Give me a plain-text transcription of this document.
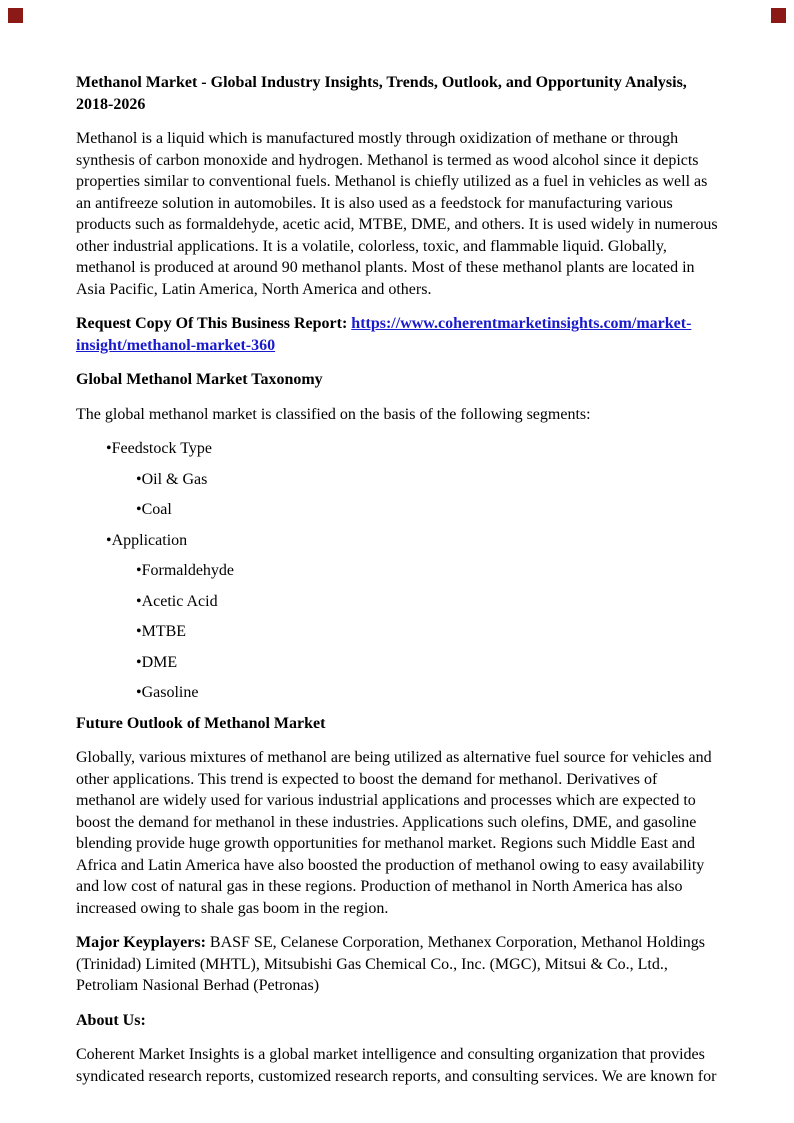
Methanol Market - Global Industry Insights, Trends, Outlook, and Opportunity Analysis, 2018-2026

Methanol is a liquid which is manufactured mostly through oxidization of methane or through synthesis of carbon monoxide and hydrogen. Methanol is termed as wood alcohol since it depicts properties similar to conventional fuels. Methanol is chiefly utilized as a fuel in vehicles as well as an antifreeze solution in automobiles. It is also used as a feedstock for manufacturing various products such as formaldehyde, acetic acid, MTBE, DME, and others. It is used widely in numerous other industrial applications. It is a volatile, colorless, toxic, and flammable liquid. Globally, methanol is produced at around 90 methanol plants. Most of these methanol plants are located in Asia Pacific, Latin America, North America and others.

Request Copy Of This Business Report: https://www.coherentmarketinsights.com/market-insight/methanol-market-360

Global Methanol Market Taxonomy

The global methanol market is classified on the basis of the following segments:

•Feedstock Type
•Oil & Gas
•Coal
•Application
•Formaldehyde
•Acetic Acid
•MTBE
•DME
•Gasoline
Future Outlook of Methanol Market

Globally, various mixtures of methanol are being utilized as alternative fuel source for vehicles and other applications. This trend is expected to boost the demand for methanol. Derivatives of methanol are widely used for various industrial applications and processes which are expected to boost the demand for methanol in these industries. Applications such olefins, DME, and gasoline blending provide huge growth opportunities for methanol market. Regions such Middle East and Africa and Latin America have also boosted the production of methanol owing to easy availability and low cost of natural gas in these regions. Production of methanol in North America has also increased owing to shale gas boom in the region.

Major Keyplayers: BASF SE, Celanese Corporation, Methanex Corporation, Methanol Holdings (Trinidad) Limited (MHTL), Mitsubishi Gas Chemical Co., Inc. (MGC), Mitsui & Co., Ltd., Petroliam Nasional Berhad (Petronas)

About Us:

Coherent Market Insights is a global market intelligence and consulting organization that provides syndicated research reports, customized research reports, and consulting services. We are known for
